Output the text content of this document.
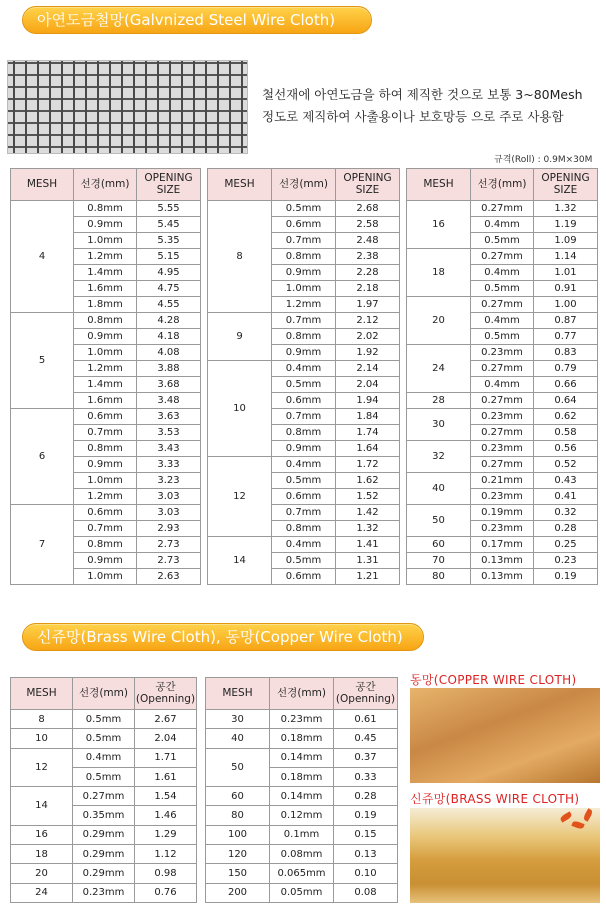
아연도금철망(Galvnized Steel Wire Cloth)
철선재에 아연도금을 하여 제직한 것으로 보통 3~80Mesh
정도로 제직하여 사출용이나 보호망등 으로 주로 사용함
규격(Roll) : 0.9M×30M
MESH	선경(mm)	OPENING
SIZE

4	0.8mm	5.55
	0.9mm	5.45
	1.0mm	5.35
	1.2mm	5.15
	1.4mm	4.95
	1.6mm	4.75
	1.8mm	4.55
5	0.8mm	4.28
	0.9mm	4.18
	1.0mm	4.08
	1.2mm	3.88
	1.4mm	3.68
	1.6mm	3.48
6	0.6mm	3.63
	0.7mm	3.53
	0.8mm	3.43
	0.9mm	3.33
	1.0mm	3.23
	1.2mm	3.03
7	0.6mm	3.03
	0.7mm	2.93
	0.8mm	2.73
	0.9mm	2.73
	1.0mm	2.63
MESH	선경(mm)	OPENING
SIZE

8	0.5mm	2.68
	0.6mm	2.58
	0.7mm	2.48
	0.8mm	2.38
	0.9mm	2.28
	1.0mm	2.18
	1.2mm	1.97
9	0.7mm	2.12
	0.8mm	2.02
	0.9mm	1.92
10	0.4mm	2.14
	0.5mm	2.04
	0.6mm	1.94
	0.7mm	1.84
	0.8mm	1.74
	0.9mm	1.64
12	0.4mm	1.72
	0.5mm	1.62
	0.6mm	1.52
	0.7mm	1.42
	0.8mm	1.32
14	0.4mm	1.41
	0.5mm	1.31
	0.6mm	1.21
MESH	선경(mm)	OPENING
SIZE

16	0.27mm	1.32
	0.4mm	1.19
	0.5mm	1.09
18	0.27mm	1.14
	0.4mm	1.01
	0.5mm	0.91
20	0.27mm	1.00
	0.4mm	0.87
	0.5mm	0.77
24	0.23mm	0.83
	0.27mm	0.79
	0.4mm	0.66
28	0.27mm	0.64
30	0.23mm	0.62
	0.27mm	0.58
32	0.23mm	0.56
	0.27mm	0.52
40	0.21mm	0.43
	0.23mm	0.41
50	0.19mm	0.32
	0.23mm	0.28
60	0.17mm	0.25
70	0.13mm	0.23
80	0.13mm	0.19
신쥬망(Brass Wire Cloth), 동망(Copper Wire Cloth)
MESH	선경(mm)	공간
(Openning)

8	0.5mm	2.67
10	0.5mm	2.04
12	0.4mm	1.71
	0.5mm	1.61
14	0.27mm	1.54
	0.35mm	1.46
16	0.29mm	1.29
18	0.29mm	1.12
20	0.29mm	0.98
24	0.23mm	0.76
MESH	선경(mm)	공간
(Openning)

30	0.23mm	0.61
40	0.18mm	0.45
50	0.14mm	0.37
	0.18mm	0.33
60	0.14mm	0.28
80	0.12mm	0.19
100	0.1mm	0.15
120	0.08mm	0.13
150	0.065mm	0.10
200	0.05mm	0.08
동망(COPPER WIRE CLOTH)
신쥬망(BRASS WIRE CLOTH)
